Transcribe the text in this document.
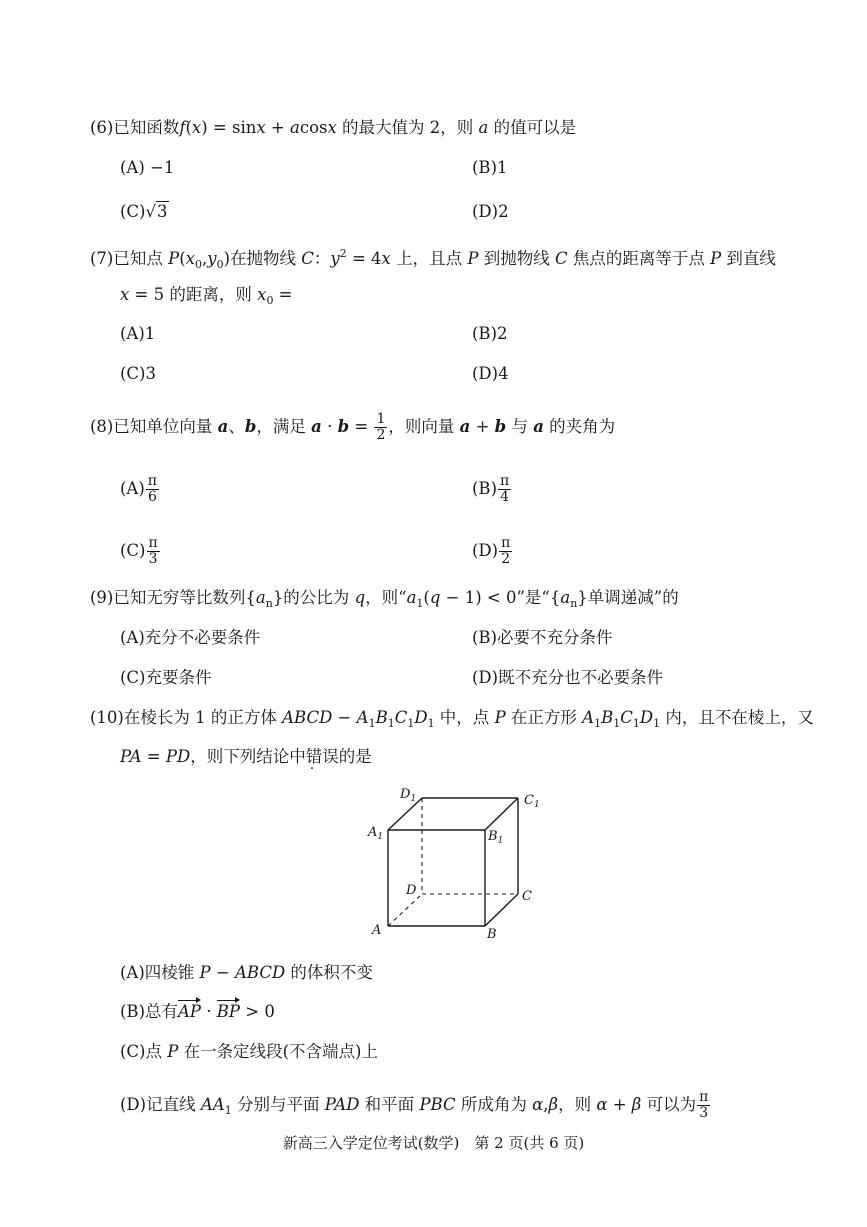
(6)已知函数f(x) = sinx + acosx 的最大值为 2，则 a 的值可以是
(A) −1	(B)1
(C)√3	(D)2
(7)已知点 $P(x_0,y_0)$在抛物线 C：$y^2 = 4x$ 上，且点 P 到抛物线 C 焦点的距离等于点 P 到直线
x = 5 的距离，则 $x_0$ =
(A)1	(B)2
(C)3	(D)4
(8)已知单位向量 a、b，满足 $a \cdot b = \frac{1}{2}$ ，则向量 a + b 与 a 的夹角为
$(A) \frac{\pi}{6}$	$(B) \frac{\pi}{4}$
$(C) \frac{\pi}{3}$	$(D) \frac{\pi}{2}$
(9)已知无穷等比数列$\{a_n\}$的公比为 q，则“$a_1(q - 1) < 0$”是“$\{a_n\}$单调递减”的
(A)充分不必要条件	(B)必要不充分条件
(C)充要条件	(D)既不充分也不必要条件
(10)在棱长为 1 的正方体 ABCD − $A_1B_1C_1D_1$ 中，点 P 在正方形 $A_1B_1C_1D_1$ 内，且不在棱上，又
PA = PD，则下列结论中错误的是
$D_1$	$C_1$
$A_1$	$B_1$
D	C
A	B
(A)四棱锥 P − ABCD 的体积不变
(B)总有AP · BP > 0
(C)点 P 在一条定线段(不含端点)上
(D)记直线 $AA_1$ 分别与平面 PAD 和平面 PBC 所成角为 α,β，则 α + β 可以为 $\frac{\pi}{3}$
新高三入学定位考试(数学)　第 2 页(共 6 页)
